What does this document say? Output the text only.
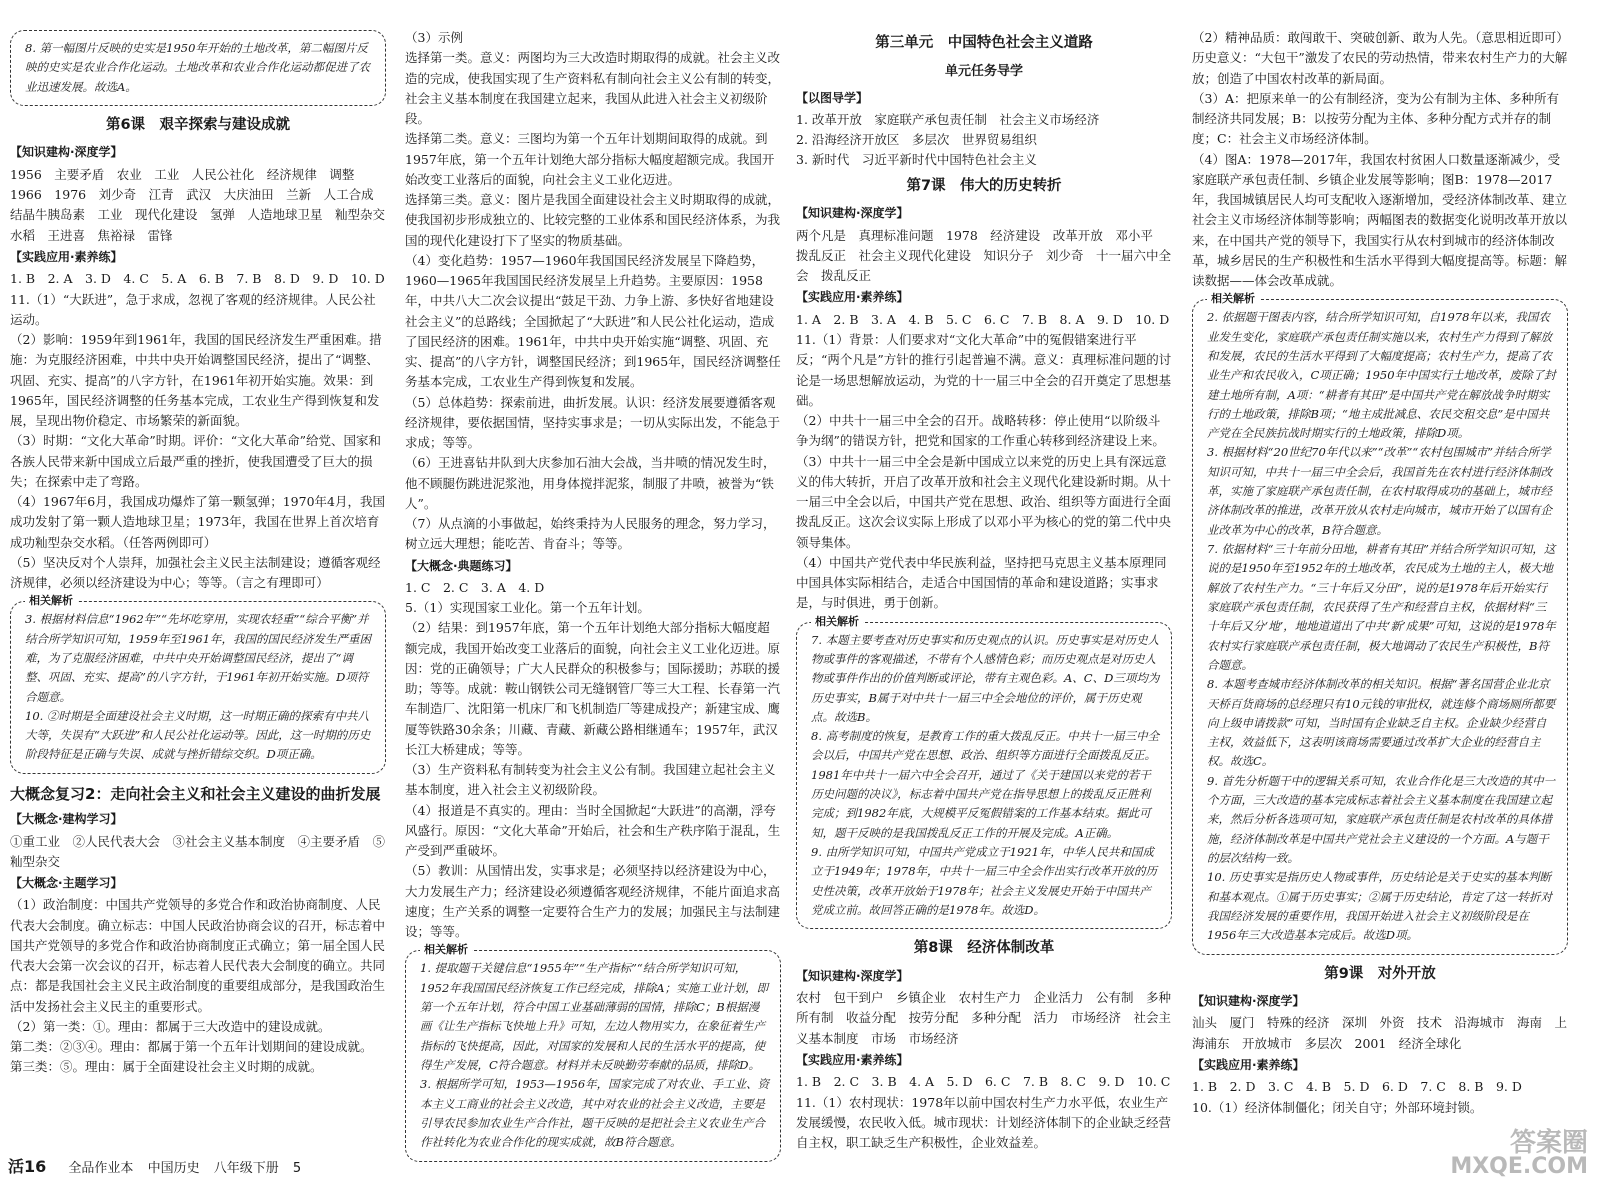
8. 第一幅图片反映的史实是1950年开始的土地改革，第二幅图片反映的史实是农业合作化运动。土地改革和农业合作化运动都促进了农业迅速发展。故选A。
第6课　艰辛探索与建设成就
【知识建构·深度学】

1956　主要矛盾　农业　工业　人民公社化　经济规律　调整　1966　1976　刘少奇　江青　武汉　大庆油田　兰新　人工合成结晶牛胰岛素　工业　现代化建设　氢弹　人造地球卫星　籼型杂交水稻　王进喜　焦裕禄　雷锋

【实践应用·素养练】

1. B　2. A　3. D　4. C　5. A　6. B　7. B　8. D　9. D　10. D

11.（1）“大跃进”，急于求成，忽视了客观的经济规律。人民公社运动。

（2）影响：1959年到1961年，我国的国民经济发生严重困难。措施：为克服经济困难，中共中央开始调整国民经济，提出了“调整、巩固、充实、提高”的八字方针，在1961年初开始实施。效果：到1965年，国民经济调整的任务基本完成，工农业生产得到恢复和发展，呈现出物价稳定、市场繁荣的新面貌。

（3）时期：“文化大革命”时期。评价：“文化大革命”给党、国家和各族人民带来新中国成立后最严重的挫折，使我国遭受了巨大的损失；在探索中走了弯路。

（4）1967年6月，我国成功爆炸了第一颗氢弹；1970年4月，我国成功发射了第一颗人造地球卫星；1973年，我国在世界上首次培育成功籼型杂交水稻。（任答两例即可）

（5）坚决反对个人崇拜，加强社会主义民主法制建设；遵循客观经济规律，必须以经济建设为中心；等等。（言之有理即可）

相关解析

3. 根据材料信息“1962年”“先坏吃穿用，实现农轻重”“综合平衡”并结合所学知识可知，1959年至1961年，我国的国民经济发生严重困难，为了克服经济困难，中共中央开始调整国民经济，提出了“调整、巩固、充实、提高”的八字方针，于1961年初开始实施。D项符合题意。

10. ②时期是全面建设社会主义时期，这一时期正确的探索有中共八大等，失误有“大跃进”和人民公社化运动等。因此，这一时期的历史阶段特征是正确与失误、成就与挫折错综交织。D项正确。

大概念复习2：走向社会主义和社会主义建设的曲折发展
【大概念·建构学习】

①重工业　②人民代表大会　③社会主义基本制度　④主要矛盾　⑤籼型杂交

【大概念·主题学习】

（1）政治制度：中国共产党领导的多党合作和政治协商制度、人民代表大会制度。确立标志：中国人民政治协商会议的召开，标志着中国共产党领导的多党合作和政治协商制度正式确立；第一届全国人民代表大会第一次会议的召开，标志着人民代表大会制度的确立。共同点：都是我国社会主义民主政治制度的重要组成部分，是我国政治生活中发扬社会主义民主的重要形式。

（2）第一类：①。理由：都属于三大改造中的建设成就。

第二类：②③④。理由：都属于第一个五年计划期间的建设成就。

第三类：⑤。理由：属于全面建设社会主义时期的成就。

（3）示例

选择第一类。意义：两图均为三大改造时期取得的成就。社会主义改造的完成，使我国实现了生产资料私有制向社会主义公有制的转变，社会主义基本制度在我国建立起来，我国从此进入社会主义初级阶段。

选择第二类。意义：三图均为第一个五年计划期间取得的成就。到1957年底，第一个五年计划绝大部分指标大幅度超额完成。我国开始改变工业落后的面貌，向社会主义工业化迈进。

选择第三类。意义：图片是我国全面建设社会主义时期取得的成就，使我国初步形成独立的、比较完整的工业体系和国民经济体系，为我国的现代化建设打下了坚实的物质基础。

（4）变化趋势：1957—1960年我国国民经济发展呈下降趋势，1960—1965年我国国民经济发展呈上升趋势。主要原因：1958年，中共八大二次会议提出“鼓足干劲、力争上游、多快好省地建设社会主义”的总路线；全国掀起了“大跃进”和人民公社化运动，造成了国民经济的困难。1961年，中共中央开始实施“调整、巩固、充实、提高”的八字方针，调整国民经济；到1965年，国民经济调整任务基本完成，工农业生产得到恢复和发展。

（5）总体趋势：探索前进，曲折发展。认识：经济发展要遵循客观经济规律，要依据国情，坚持实事求是；一切从实际出发，不能急于求成；等等。

（6）王进喜钻井队到大庆参加石油大会战，当井喷的情况发生时，他不顾腿伤跳进泥浆池，用身体搅拌泥浆，制服了井喷，被誉为“铁人”。

（7）从点滴的小事做起，始终秉持为人民服务的理念，努力学习，树立远大理想；能吃苦、肯奋斗；等等。

【大概念·典题练习】

1. C　2. C　3. A　4. D

5.（1）实现国家工业化。第一个五年计划。

（2）结果：到1957年底，第一个五年计划绝大部分指标大幅度超额完成，我国开始改变工业落后的面貌，向社会主义工业化迈进。原因：党的正确领导；广大人民群众的积极参与；国际援助；苏联的援助；等等。成就：鞍山钢铁公司无缝钢管厂等三大工程、长春第一汽车制造厂、沈阳第一机床厂和飞机制造厂等建成投产；新建宝成、鹰厦等铁路30余条；川藏、青藏、新藏公路相继通车；1957年，武汉长江大桥建成；等等。

（3）生产资料私有制转变为社会主义公有制。我国建立起社会主义基本制度，进入社会主义初级阶段。

（4）报道是不真实的。理由：当时全国掀起“大跃进”的高潮，浮夸风盛行。原因：“文化大革命”开始后，社会和生产秩序陷于混乱，生产受到严重破坏。

（5）教训：从国情出发，实事求是；必须坚持以经济建设为中心，大力发展生产力；经济建设必须遵循客观经济规律，不能片面追求高速度；生产关系的调整一定要符合生产力的发展；加强民主与法制建设；等等。

相关解析

1. 提取题干关键信息“1955年”“生产指标”“结合所学知识可知，1952年我国国民经济恢复工作已经完成，排除A；实施工业计划，即第一个五年计划，符合中国工业基础薄弱的国情，排除C；B根据漫画《让生产指标飞快地上升》可知，左边人物用实力，在象征着生产指标的飞快提高，因此，对国家的发展和人民的生活水平的提高，使得生产发展，C符合题意。材料并未反映勤劳奉献的品质，排除D。

3. 根据所学可知，1953—1956年，国家完成了对农业、手工业、资本主义工商业的社会主义改造，其中对农业的社会主义改造，主要是引导农民参加农业生产合作社，题干反映的是把社会主义农业生产合作社转化为农业合作化的现实成就，故B符合题意。

第三单元　中国特色社会主义道路
单元任务导学
【以图导学】

1. 改革开放　家庭联产承包责任制　社会主义市场经济

2. 沿海经济开放区　多层次　世界贸易组织

3. 新时代　习近平新时代中国特色社会主义

第7课　伟大的历史转折
【知识建构·深度学】

两个凡是　真理标准问题　1978　经济建设　改革开放　邓小平　拨乱反正　社会主义现代化建设　知识分子　刘少奇　十一届六中全会　拨乱反正

【实践应用·素养练】

1. A　2. B　3. A　4. B　5. C　6. C　7. B　8. A　9. D　10. D

11.（1）背景：人们要求对“文化大革命”中的冤假错案进行平反；“两个凡是”方针的推行引起普遍不满。意义：真理标准问题的讨论是一场思想解放运动，为党的十一届三中全会的召开奠定了思想基础。

（2）中共十一届三中全会的召开。战略转移：停止使用“以阶级斗争为纲”的错误方针，把党和国家的工作重心转移到经济建设上来。

（3）中共十一届三中全会是新中国成立以来党的历史上具有深远意义的伟大转折，开启了改革开放和社会主义现代化建设新时期。从十一届三中全会以后，中国共产党在思想、政治、组织等方面进行全面拨乱反正。这次会议实际上形成了以邓小平为核心的党的第二代中央领导集体。

（4）中国共产党代表中华民族利益，坚持把马克思主义基本原理同中国具体实际相结合，走适合中国国情的革命和建设道路；实事求是，与时俱进，勇于创新。

相关解析

7. 本题主要考查对历史事实和历史观点的认识。历史事实是对历史人物或事件的客观描述，不带有个人感情色彩；而历史观点是对历史人物或事件作出的价值判断或评论，带有主观色彩。A、C、D三项均为历史事实，B属于对中共十一届三中全会地位的评价，属于历史观点。故选B。

8. 高考制度的恢复，是教育工作的重大拨乱反正。中共十一届三中全会以后，中国共产党在思想、政治、组织等方面进行全面拨乱反正。1981年中共十一届六中全会召开，通过了《关于建国以来党的若干历史问题的决议》，标志着中国共产党在指导思想上的拨乱反正胜利完成；到1982年底，大规模平反冤假错案的工作基本结束。据此可知，题干反映的是我国拨乱反正工作的开展及完成。A正确。

9. 由所学知识可知，中国共产党成立于1921年，中华人民共和国成立于1949年；1978年，中共十一届三中全会作出实行改革开放的历史性决策，改革开放始于1978年；社会主义发展史开始于中国共产党成立前。故回答正确的是1978年。故选D。

第8课　经济体制改革
【知识建构·深度学】

农村　包干到户　乡镇企业　农村生产力　企业活力　公有制　多种所有制　收益分配　按劳分配　多种分配　活力　市场经济　社会主义基本制度　市场　市场经济

【实践应用·素养练】

1. B　2. C　3. B　4. A　5. D　6. C　7. B　8. C　9. D　10. C

11.（1）农村现状：1978年以前中国农村生产力水平低，农业生产发展缓慢，农民收入低。城市现状：计划经济体制下的企业缺乏经营自主权，职工缺乏生产积极性，企业效益差。

（2）精神品质：敢闯敢干、突破创新、敢为人先。（意思相近即可）历史意义：“大包干”激发了农民的劳动热情，带来农村生产力的大解放；创造了中国农村改革的新局面。

（3）A：把原来单一的公有制经济，变为公有制为主体、多种所有制经济共同发展；B：以按劳分配为主体、多种分配方式并存的制度；C：社会主义市场经济体制。

（4）图A：1978—2017年，我国农村贫困人口数量逐渐减少，受家庭联产承包责任制、乡镇企业发展等影响；图B：1978—2017年，我国城镇居民人均可支配收入逐渐增加，受经济体制改革、建立社会主义市场经济体制等影响；两幅图表的数据变化说明改革开放以来，在中国共产党的领导下，我国实行从农村到城市的经济体制改革，城乡居民的生产积极性和生活水平得到大幅度提高等。标题：解读数据——体会改革成就。

相关解析

2. 依据题干图表内容，结合所学知识可知，自1978年以来，我国农业发生变化，家庭联产承包责任制实施以来，农村生产力得到了解放和发展，农民的生活水平得到了大幅度提高；农村生产力，提高了农业生产和农民收入，C项正确；1950年中国实行土地改革，废除了封建土地所有制，A项：“耕者有其田”是中国共产党在解放战争时期实行的土地政策，排除B项；“地主成批减息、农民交租交息”是中国共产党在全民族抗战时期实行的土地政策，排除D项。

3. 根据材料“20世纪70年代以来”“改革”“农村包围城市”并结合所学知识可知，中共十一届三中全会后，我国首先在农村进行经济体制改革，实施了家庭联产承包责任制，在农村取得成功的基础上，城市经济体制改革的推进，改革开放从农村走向城市，城市开始了以国有企业改革为中心的改革，B符合题意。

7. 依据材料“三十年前分田地，耕者有其田”并结合所学知识可知，这说的是1950年至1952年的土地改革，农民成为土地的主人，极大地解放了农村生产力。“三十年后又分田”，说的是1978年后开始实行家庭联产承包责任制，农民获得了生产和经营自主权，依据材料“三十年后又分‘地’，地地道道出了中共‘新’成果”可知，这说的是1978年农村实行家庭联产承包责任制，极大地调动了农民生产积极性，B符合题意。

8. 本题考查城市经济体制改革的相关知识。根据“著名国营企业北京天桥百货商场的总经理只有10元钱的审批权，就连修个商场厕所都要向上级申请拨款”可知，当时国有企业缺乏自主权。企业缺少经营自主权，效益低下，这表明该商场需要通过改革扩大企业的经营自主权。故选C。

9. 首先分析题干中的逻辑关系可知，农业合作化是三大改造的其中一个方面，三大改造的基本完成标志着社会主义基本制度在我国建立起来，然后分析各选项可知，家庭联产承包责任制是农村改革的具体措施，经济体制改革是中国共产党社会主义建设的一个方面。A与题干的层次结构一致。

10. 历史事实是指历史人物或事件，历史结论是关于史实的基本判断和基本观点。①属于历史事实；②属于历史结论，肯定了这一转折对我国经济发展的重要作用，我国开始进入社会主义初级阶段是在1956年三大改造基本完成后。故选D项。

第9课　对外开放
【知识建构·深度学】

汕头　厦门　特殊的经济　深圳　外资　技术　沿海城市　海南　上海浦东　开放城市　多层次　2001　经济全球化

【实践应用·素养练】

1. B　2. D　3. C　4. B　5. D　6. D　7. C　8. B　9. D

10.（1）经济体制僵化；闭关自守；外部环境封锁。

活16 全品作业本 中国历史 八年级下册 5
答案圈
MXQE.COM
